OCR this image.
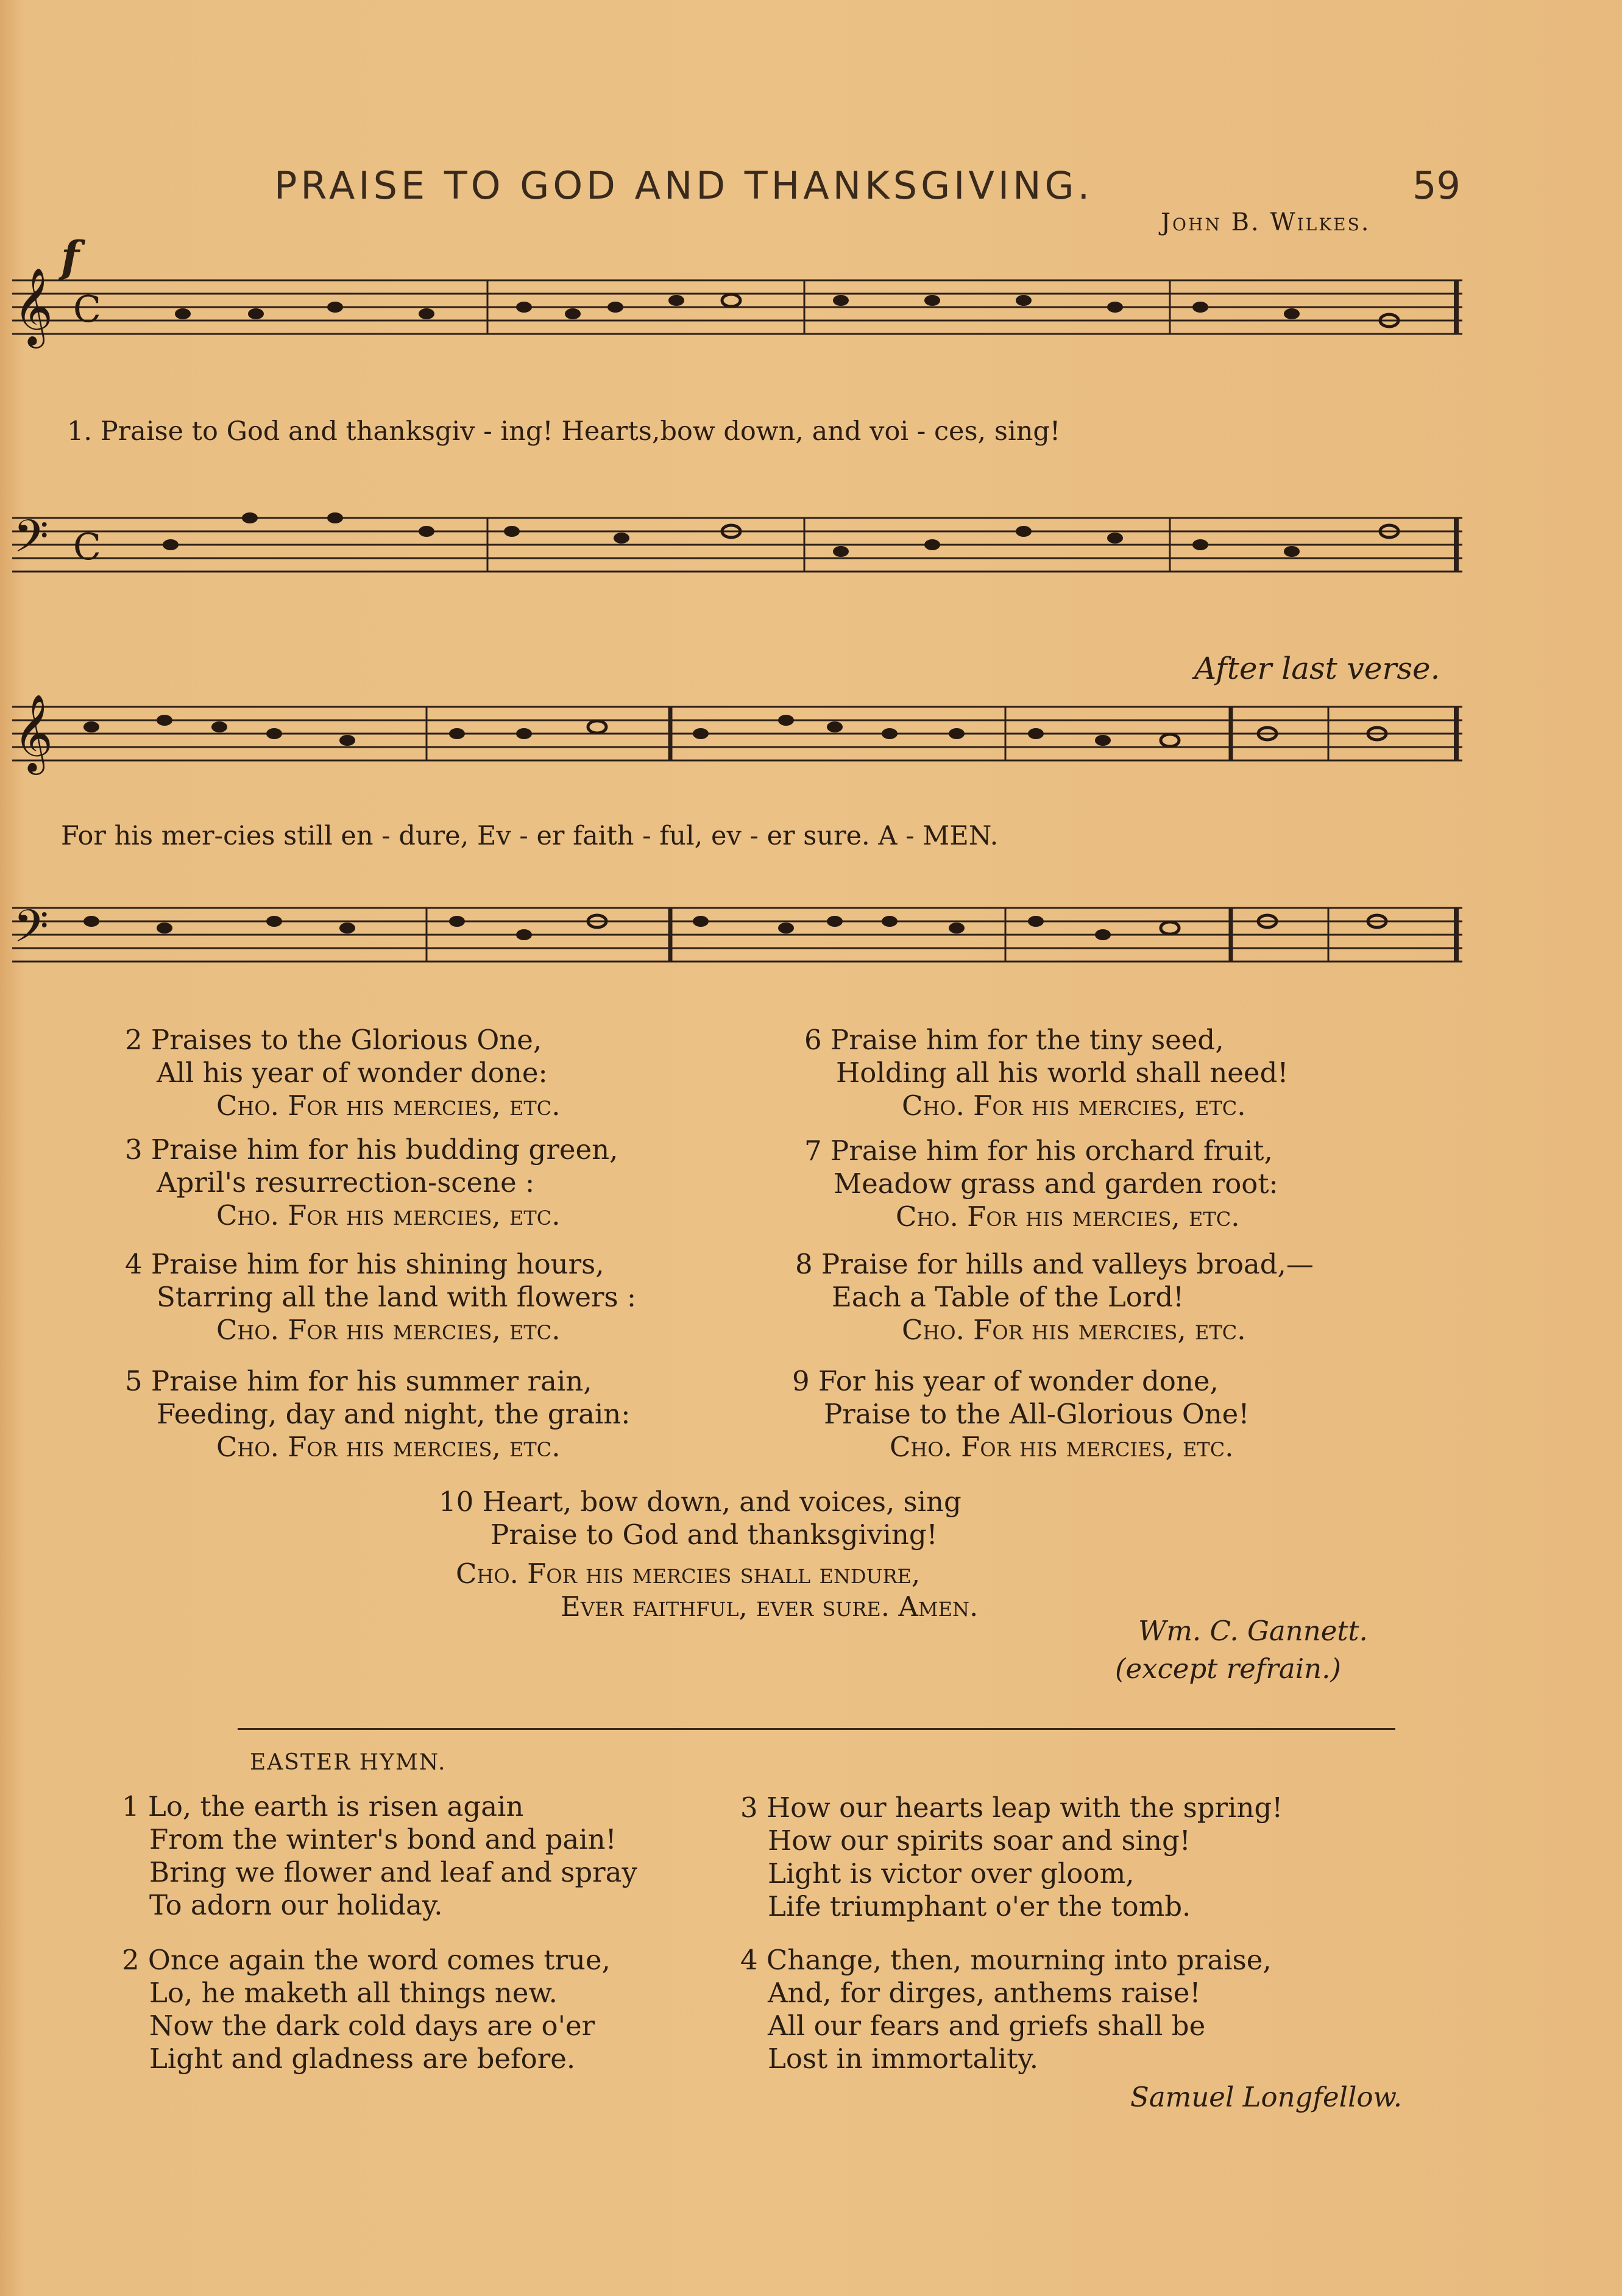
PRAISE TO GOD AND THANKSGIVING.	59
John B. Wilkes.
f
𝄞 C
1. Praise to God and thanksgiv - ing! Hearts,bow down, and voi - ces, sing!
𝄢 C
After last verse.
𝄞
For his mer-cies still en - dure, Ev - er faith - ful, ev - er sure. A - MEN.
𝄢
2 Praises to the Glorious One,
All his year of wonder done:
Cho. For his mercies, etc.
3 Praise him for his budding green,
April's resurrection-scene :
Cho. For his mercies, etc.
4 Praise him for his shining hours,
Starring all the land with flowers :
Cho. For his mercies, etc.
5 Praise him for his summer rain,
Feeding, day and night, the grain:
Cho. For his mercies, etc.
6 Praise him for the tiny seed,
Holding all his world shall need!
Cho. For his mercies, etc.
7 Praise him for his orchard fruit,
Meadow grass and garden root:
Cho. For his mercies, etc.
8 Praise for hills and valleys broad,—
Each a Table of the Lord!
Cho. For his mercies, etc.
9 For his year of wonder done,
Praise to the All-Glorious One!
Cho. For his mercies, etc.
10 Heart, bow down, and voices, sing
Praise to God and thanksgiving!
Cho. For his mercies shall endure,
Ever faithful, ever sure. Amen.
Wm. C. Gannett.
(except refrain.)
EASTER HYMN.
1 Lo, the earth is risen again
From the winter's bond and pain!
Bring we flower and leaf and spray
To adorn our holiday.
2 Once again the word comes true,
Lo, he maketh all things new.
Now the dark cold days are o'er
Light and gladness are before.
3 How our hearts leap with the spring!
How our spirits soar and sing!
Light is victor over gloom,
Life triumphant o'er the tomb.
4 Change, then, mourning into praise,
And, for dirges, anthems raise!
All our fears and griefs shall be
Lost in immortality.
Samuel Longfellow.
